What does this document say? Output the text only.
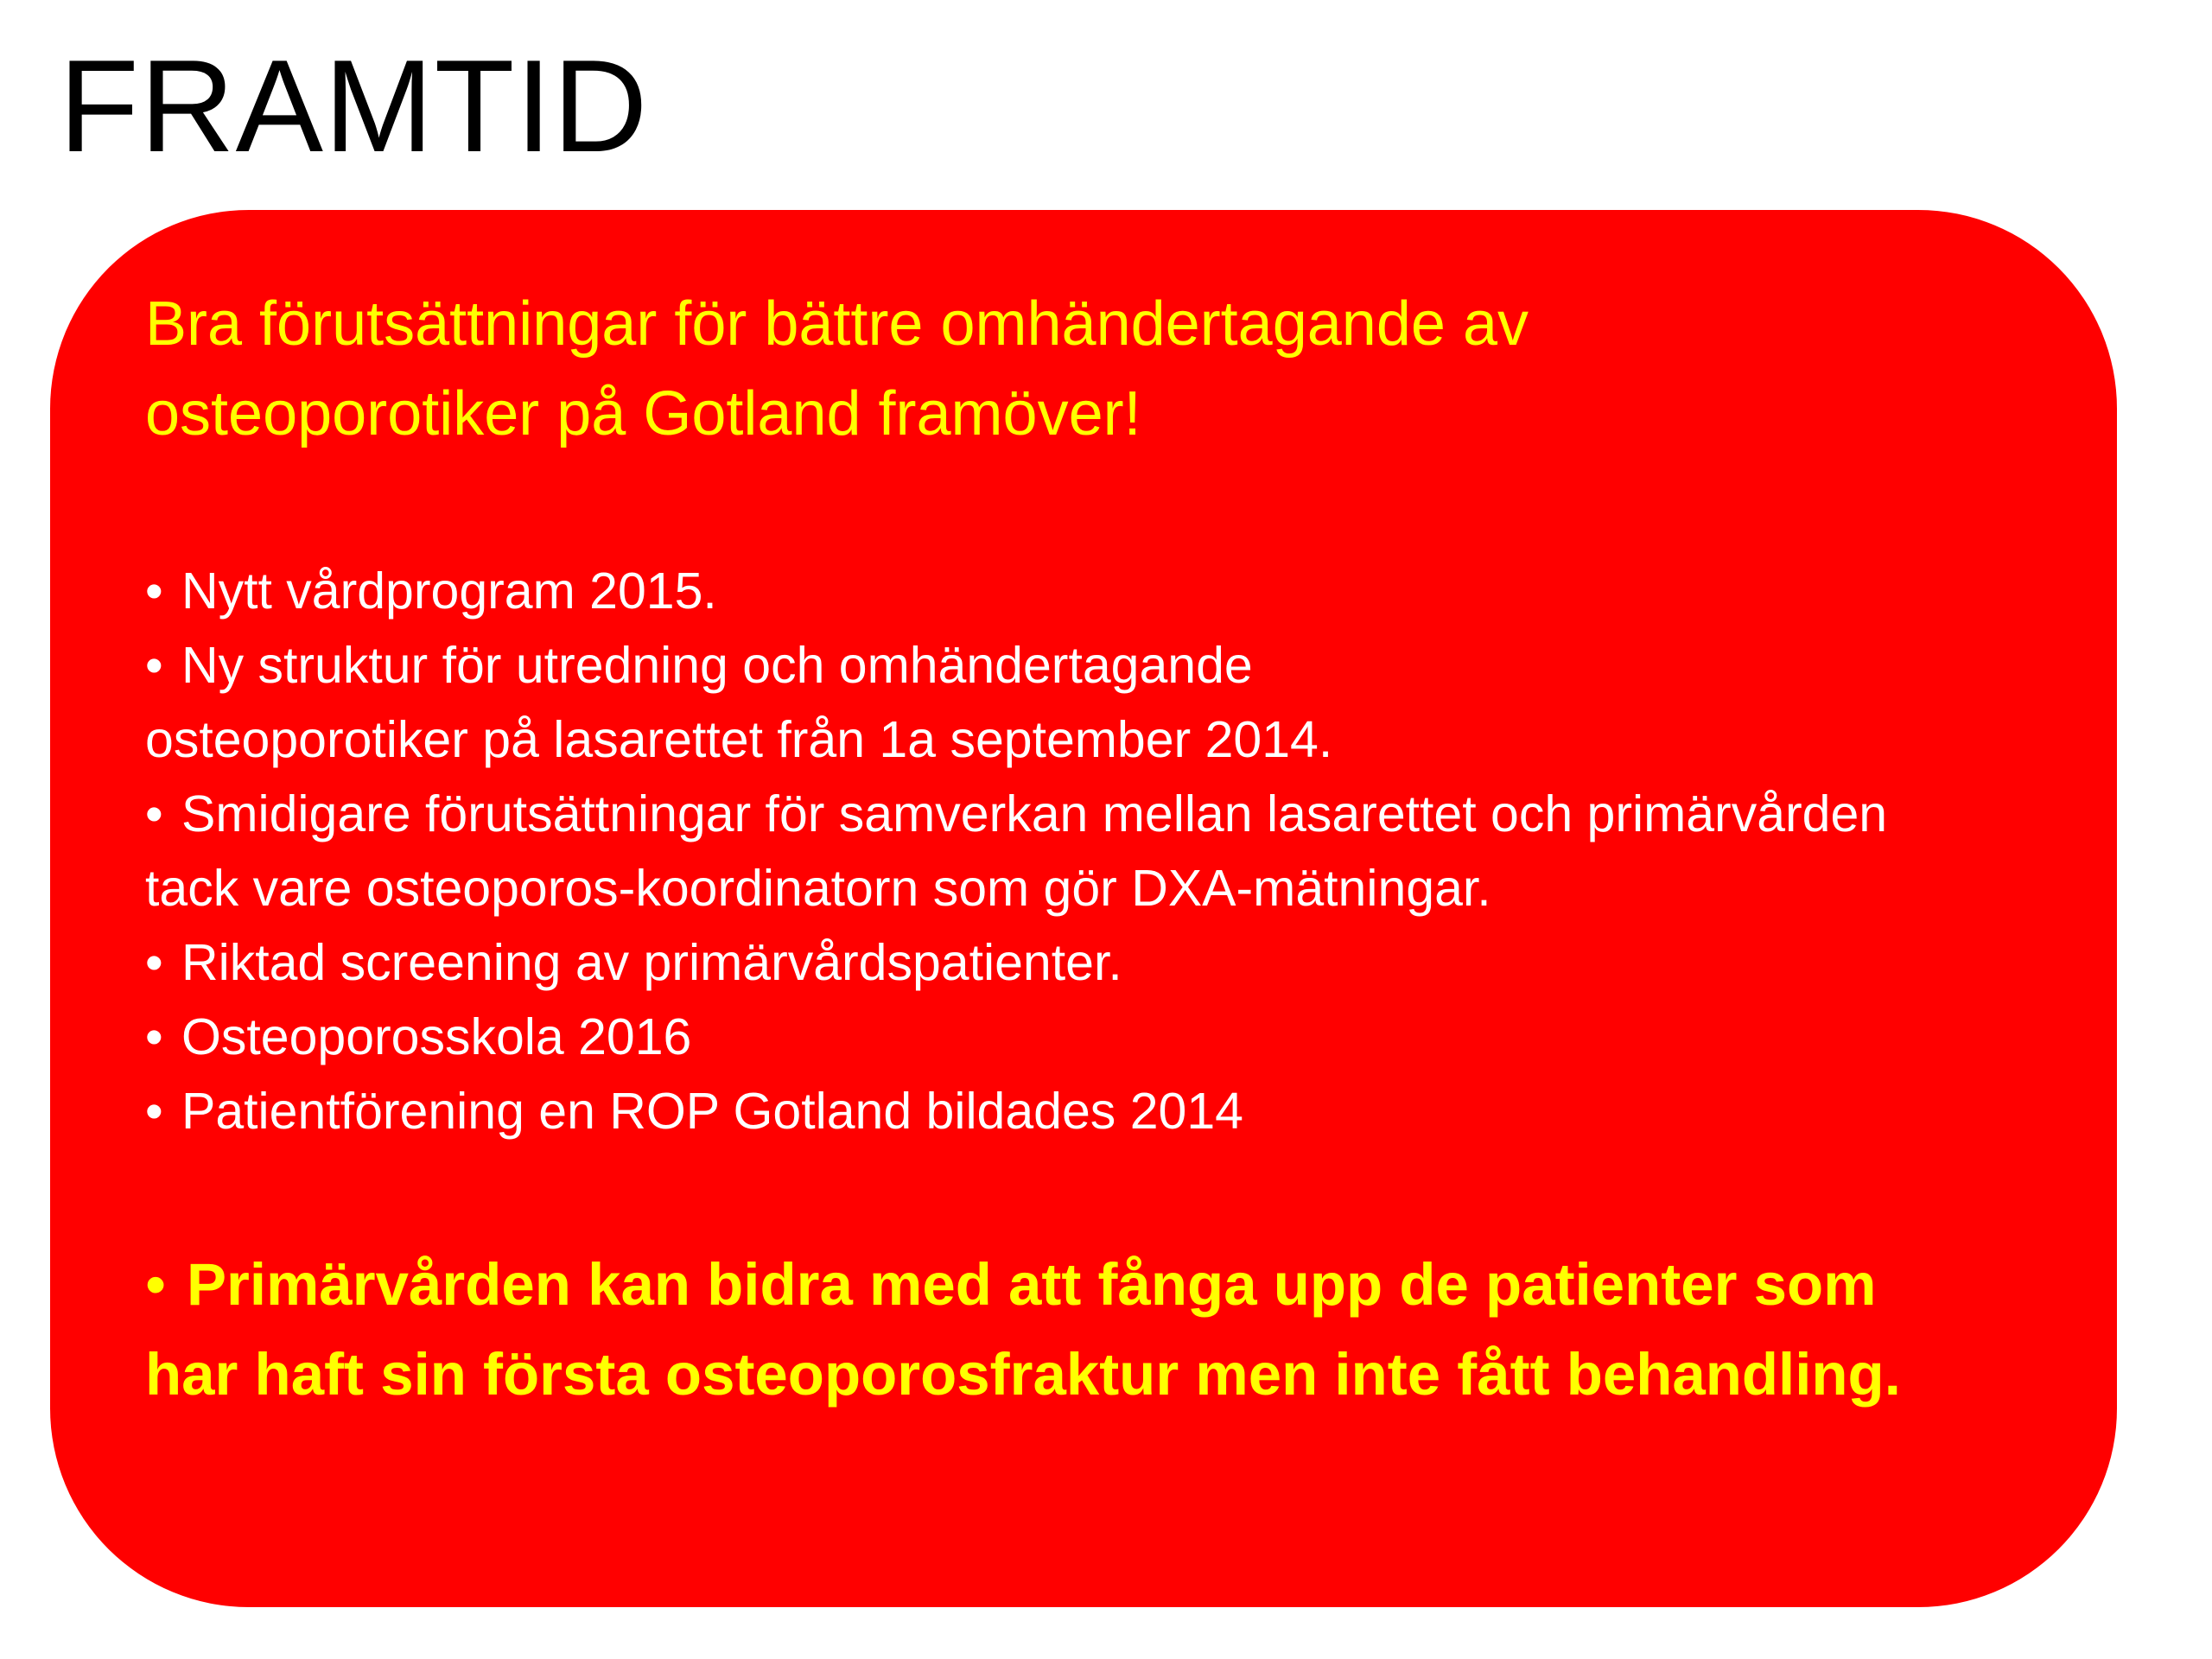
FRAMTID
Bra förutsättningar för bättre omhändertagande av
osteoporotiker på Gotland framöver!
• Nytt vårdprogram 2015.
• Ny struktur för utredning och omhändertagande
osteoporotiker på lasarettet från 1a september 2014.
• Smidigare förutsättningar för samverkan mellan lasarettet och primärvården
tack vare osteoporos-koordinatorn som gör DXA-mätningar.
• Riktad screening av primärvårdspatienter.
• Osteoporosskola 2016
• Patientförening en ROP Gotland bildades 2014
• Primärvården kan bidra med att fånga upp de patienter som
har haft sin första osteoporosfraktur men inte fått behandling.
